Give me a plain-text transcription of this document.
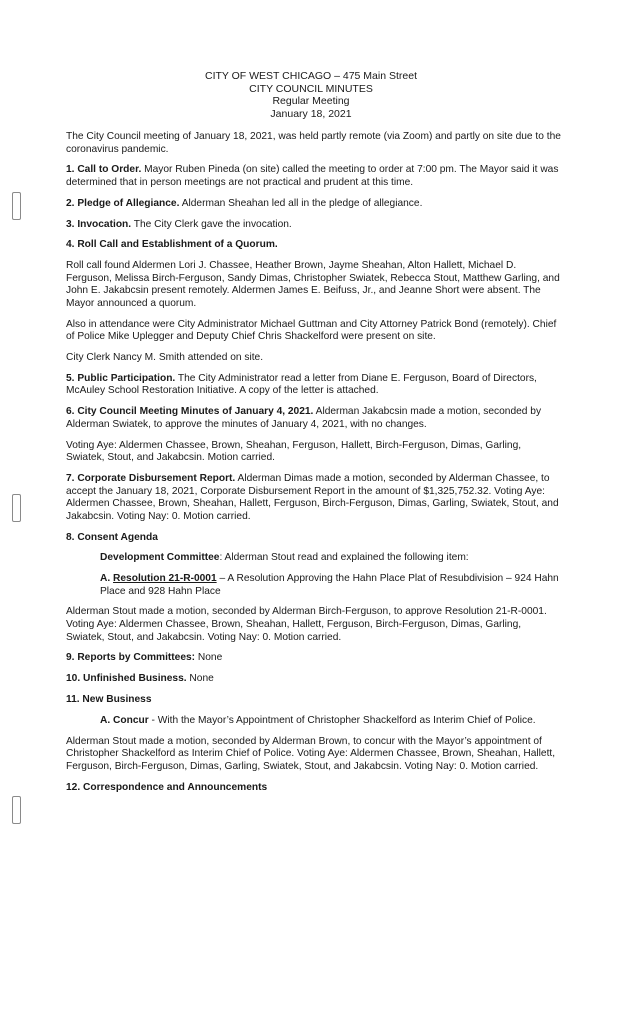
CITY OF WEST CHICAGO – 475 Main Street
CITY COUNCIL MINUTES
Regular Meeting
January 18, 2021

The City Council meeting of January 18, 2021, was held partly remote (via Zoom) and partly on site due to the coronavirus pandemic.

1. Call to Order. Mayor Ruben Pineda (on site) called the meeting to order at 7:00 pm. The Mayor said it was determined that in person meetings are not practical and prudent at this time.

2. Pledge of Allegiance. Alderman Sheahan led all in the pledge of allegiance.

3. Invocation. The City Clerk gave the invocation.

4. Roll Call and Establishment of a Quorum.

Roll call found Aldermen Lori J. Chassee, Heather Brown, Jayme Sheahan, Alton Hallett, Michael D. Ferguson, Melissa Birch-Ferguson, Sandy Dimas, Christopher Swiatek, Rebecca Stout, Matthew Garling, and John E. Jakabcsin present remotely. Aldermen James E. Beifuss, Jr., and Jeanne Short were absent. The Mayor announced a quorum.

Also in attendance were City Administrator Michael Guttman and City Attorney Patrick Bond (remotely). Chief of Police Mike Uplegger and Deputy Chief Chris Shackelford were present on site.

City Clerk Nancy M. Smith attended on site.

5. Public Participation. The City Administrator read a letter from Diane E. Ferguson, Board of Directors, McAuley School Restoration Initiative. A copy of the letter is attached.

6. City Council Meeting Minutes of January 4, 2021. Alderman Jakabcsin made a motion, seconded by Alderman Swiatek, to approve the minutes of January 4, 2021, with no changes.

Voting Aye: Aldermen Chassee, Brown, Sheahan, Ferguson, Hallett, Birch-Ferguson, Dimas, Garling, Swiatek, Stout, and Jakabcsin. Motion carried.

7. Corporate Disbursement Report. Alderman Dimas made a motion, seconded by Alderman Chassee, to accept the January 18, 2021, Corporate Disbursement Report in the amount of $1,325,752.32. Voting Aye: Aldermen Chassee, Brown, Sheahan, Hallett, Ferguson, Birch-Ferguson, Dimas, Garling, Swiatek, Stout, and Jakabcsin. Voting Nay: 0. Motion carried.

8. Consent Agenda

Development Committee: Alderman Stout read and explained the following item:

A. Resolution 21-R-0001 – A Resolution Approving the Hahn Place Plat of Resubdivision – 924 Hahn Place and 928 Hahn Place

Alderman Stout made a motion, seconded by Alderman Birch-Ferguson, to approve Resolution 21-R-0001. Voting Aye: Aldermen Chassee, Brown, Sheahan, Hallett, Ferguson, Birch-Ferguson, Dimas, Garling, Swiatek, Stout, and Jakabcsin. Voting Nay: 0. Motion carried.

9. Reports by Committees: None

10. Unfinished Business. None

11. New Business

A. Concur - With the Mayor’s Appointment of Christopher Shackelford as Interim Chief of Police.

Alderman Stout made a motion, seconded by Alderman Brown, to concur with the Mayor’s appointment of Christopher Shackelford as Interim Chief of Police. Voting Aye: Aldermen Chassee, Brown, Sheahan, Hallett, Ferguson, Birch-Ferguson, Dimas, Garling, Swiatek, Stout, and Jakabcsin. Voting Nay: 0. Motion carried.

12. Correspondence and Announcements
